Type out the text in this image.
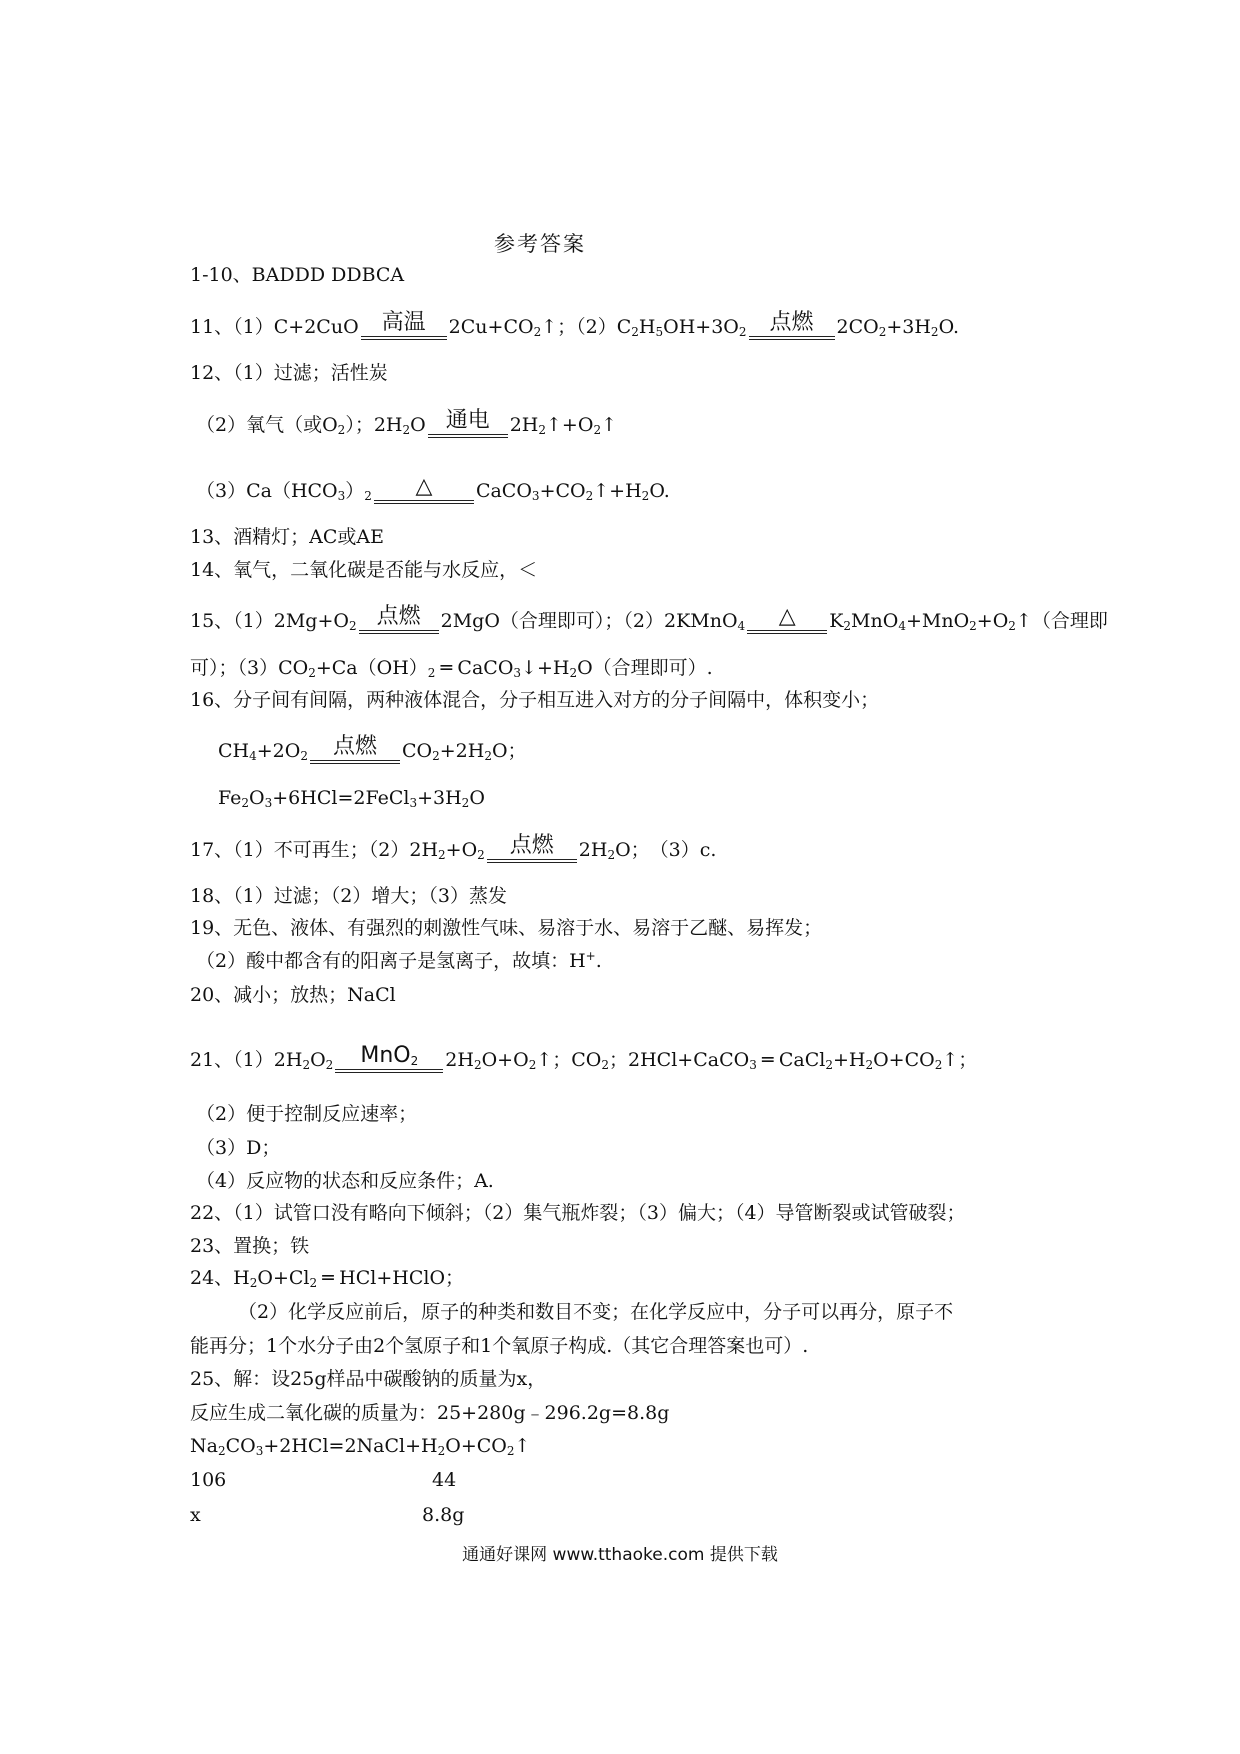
参考答案
1-10、BADDD DDBCA
11、（1）C+2CuO	高温	$2Cu+CO_2↑$；$(2)C_2H_5OH+3O_2$	点燃	$2CO_2+3H_2O$.
12、（1）过滤；活性炭
（2）氧气（或$O_2$）；$2H_2O$ 通电	$2H_2↑+O_2↑$
$(3)Ca(HCO_3)_2$	△	$CaCO_3+CO_2↑+H_2O$.
13、酒精灯；AC或AE
14、氧气，二氧化碳是否能与水反应，＜
15、$(1)2Mg+O_2$ 点燃	2MgO（合理即可）；（2）2KMnO$_4$	△	$K_2MnO_4+MnO_2+O_2↑$（合理即
可）；$(3)CO_2+Ca(OH)_2$ ═ $CaCO_3↓+H_2O$（合理即可）.
16、分子间有间隔，两种液体混合，分子相互进入对方的分子间隔中，体积变小；
$CH_4+2O_2$	点燃	$CO_2+2H_2O$；
$Fe_2O_3+6HCl=2FeCl_3+3H_2O$
17、（1）不可再生；$(2)2H_2+O_2$	点燃	$2H_2O$；　（3）c.
18、（1）过滤；（2）增大；（3）蒸发
19、无色、液体、有强烈的刺激性气味、易溶于水、易溶于乙醚、易挥发；
（2）酸中都含有的阳离子是氢离子，故填：H+.
20、减小；放热；NaCl
21、$(1)2H_2O_2$	MnO$_2$	$2H_2O+O_2↑$；$CO_2$；2HCl+CaCO$_3$ ═ $CaCl_2+H_2O+CO_2↑$；
（2）便于控制反应速率；
（3）D；
（4）反应物的状态和反应条件；A.
22、（1）试管口没有略向下倾斜；（2）集气瓶炸裂；（3）偏大；（4）导管断裂或试管破裂；
23、置换；铁
24、$H_2O+Cl_2$ ═ HCl+HClO；
（2）化学反应前后，原子的种类和数目不变；在化学反应中，分子可以再分，原子不
能再分；1个水分子由2个氢原子和1个氧原子构成.（其它合理答案也可）.
25、解：设25g样品中碳酸钠的质量为x，
反应生成二氧化碳的质量为：25+280g﹣296.2g=8.8g
$Na_2CO_3+2HCl=2NaCl+H_2O+CO_2↑$
106	44
x	8.8g
通通好课网 www.tthaoke.com 提供下载
